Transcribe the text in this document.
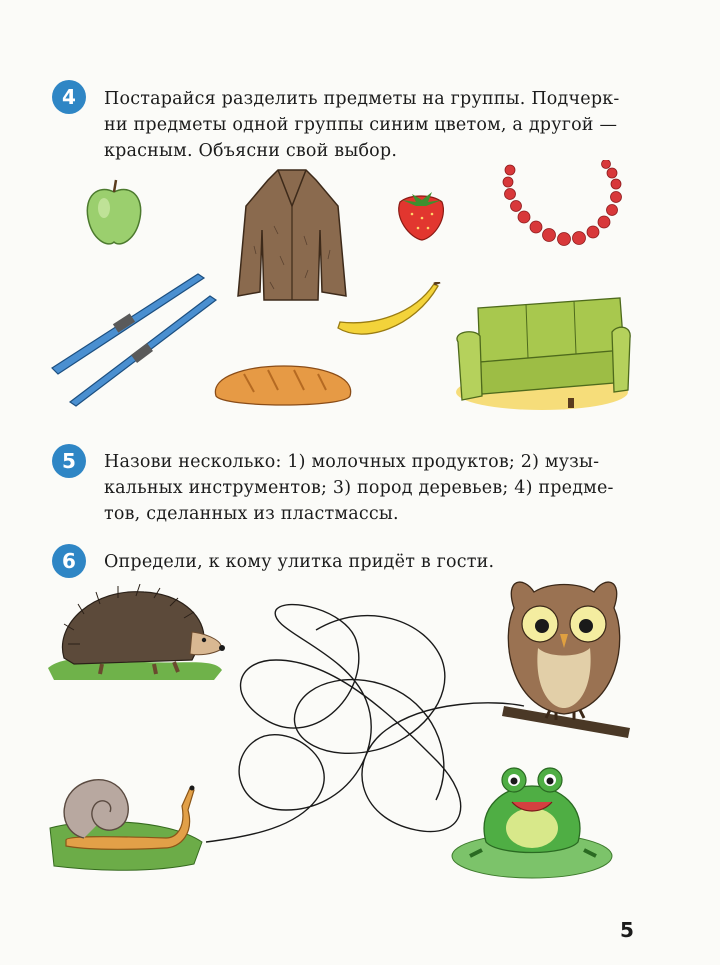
4	Постарайся разделить предметы на группы. Подчерк-
ни предметы одной группы синим цветом, а другой —
красным. Объясни свой выбор.
5	Назови несколько: 1) молочных продуктов; 2) музы-
кальных инструментов; 3) пород деревьев; 4) предме-
тов, сделанных из пластмассы.
6	Определи, к кому улитка придёт в гости.
5
